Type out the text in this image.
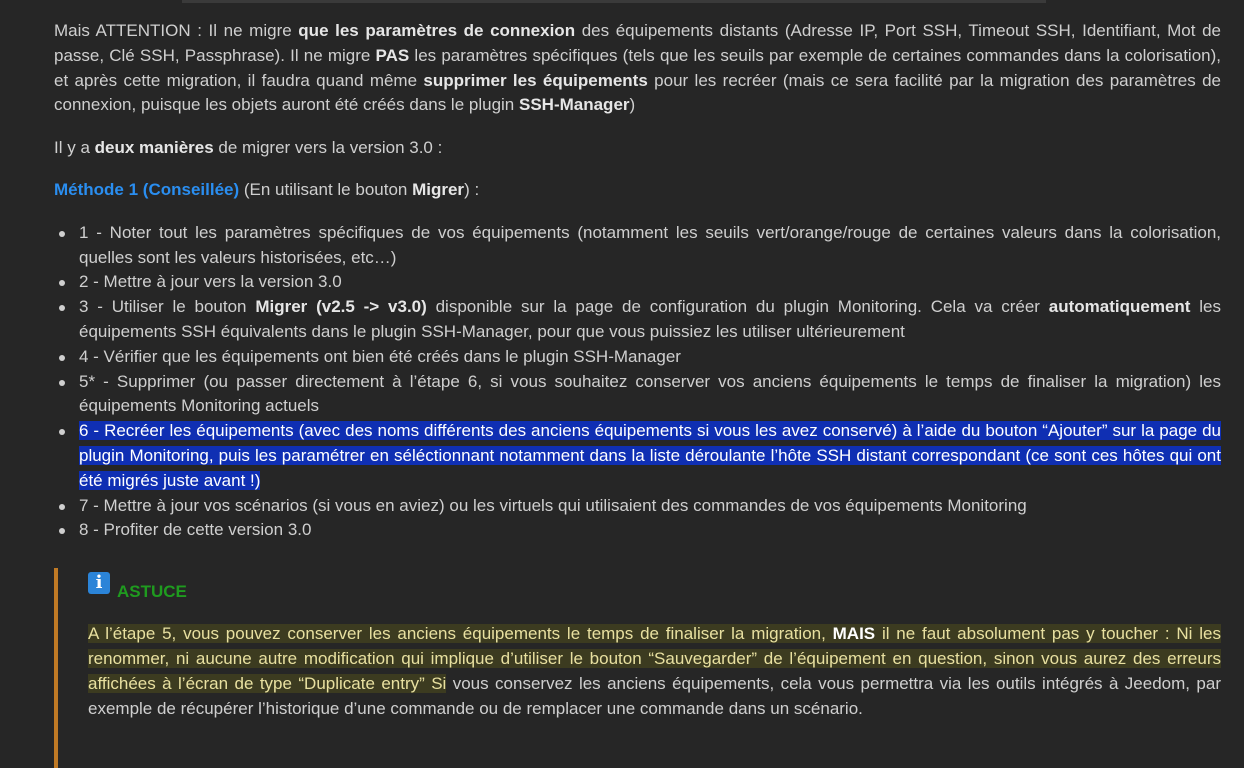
Mais ATTENTION : Il ne migre que les paramètres de connexion des équipements distants (Adresse IP, Port SSH, Timeout SSH, Identifiant, Mot de passe, Clé SSH, Passphrase). Il ne migre PAS les paramètres spécifiques (tels que les seuils par exemple de certaines commandes dans la colorisation), et après cette migration, il faudra quand même supprimer les équipements pour les recréer (mais ce sera facilité par la migration des paramètres de connexion, puisque les objets auront été créés dans le plugin SSH-Manager)

Il y a deux manières de migrer vers la version 3.0 :

Méthode 1 (Conseillée) (En utilisant le bouton Migrer) :

1 - Noter tout les paramètres spécifiques de vos équipements (notamment les seuils vert/orange/rouge de certaines valeurs dans la colorisation, quelles sont les valeurs historisées, etc…)
2 - Mettre à jour vers la version 3.0
3 - Utiliser le bouton Migrer (v2.5 -> v3.0) disponible sur la page de configuration du plugin Monitoring. Cela va créer automatiquement les équipements SSH équivalents dans le plugin SSH-Manager, pour que vous puissiez les utiliser ultérieurement
4 - Vérifier que les équipements ont bien été créés dans le plugin SSH-Manager
5* - Supprimer (ou passer directement à l’étape 6, si vous souhaitez conserver vos anciens équipements le temps de finaliser la migration) les équipements Monitoring actuels
6 - Recréer les équipements (avec des noms différents des anciens équipements si vous les avez conservé) à l’aide du bouton “Ajouter” sur la page du plugin Monitoring, puis les paramétrer en séléctionnant notamment dans la liste déroulante l’hôte SSH distant correspondant (ce sont ces hôtes qui ont été migrés juste avant !)
7 - Mettre à jour vos scénarios (si vous en aviez) ou les virtuels qui utilisaient des commandes de vos équipements Monitoring
8 - Profiter de cette version 3.0
i ASTUCE

A l’étape 5, vous pouvez conserver les anciens équipements le temps de finaliser la migration, MAIS il ne faut absolument pas y toucher : Ni les renommer, ni aucune autre modification qui implique d’utiliser le bouton “Sauvegarder” de l’équipement en question, sinon vous aurez des erreurs affichées à l’écran de type “Duplicate entry” Si vous conservez les anciens équipements, cela vous permettra via les outils intégrés à Jeedom, par exemple de récupérer l’historique d’une commande ou de remplacer une commande dans un scénario.
